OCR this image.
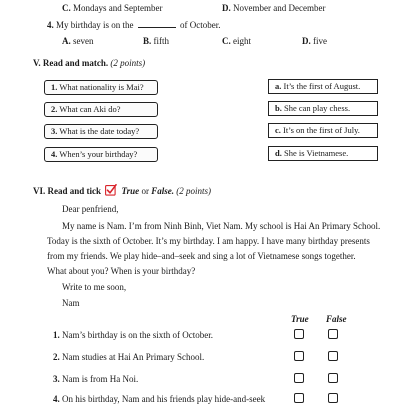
C. Mondays and September	D. November and December
4. My birthday is on the	of October.
A. seven	B. fifth	C. eight	D. five
V. Read and match. (2 points)
1. What nationality is Mai?
2. What can Aki do?
3. What is the date today?
4. When’s your birthday?
a. It’s the first of August.
b. She can play chess.
c. It’s on the first of July.
d. She is Vietnamese.
VI. Read and tick True or False. (2 points)
Dear penfriend,
My name is Nam. I’m from Ninh Binh, Viet Nam. My school is Hai An Primary School.
Today is the sixth of October. It’s my birthday. I am happy. I have many birthday presents
from my friends. We play hide–and–seek and sing a lot of Vietnamese songs together.
What about you? When is your birthday?
Write to me soon,
Nam
True False
1. Nam’s birthday is on the sixth of October.
2. Nam studies at Hai An Primary School.
3. Nam is from Ha Noi.
4. On his birthday, Nam and his friends play hide-and-seek
